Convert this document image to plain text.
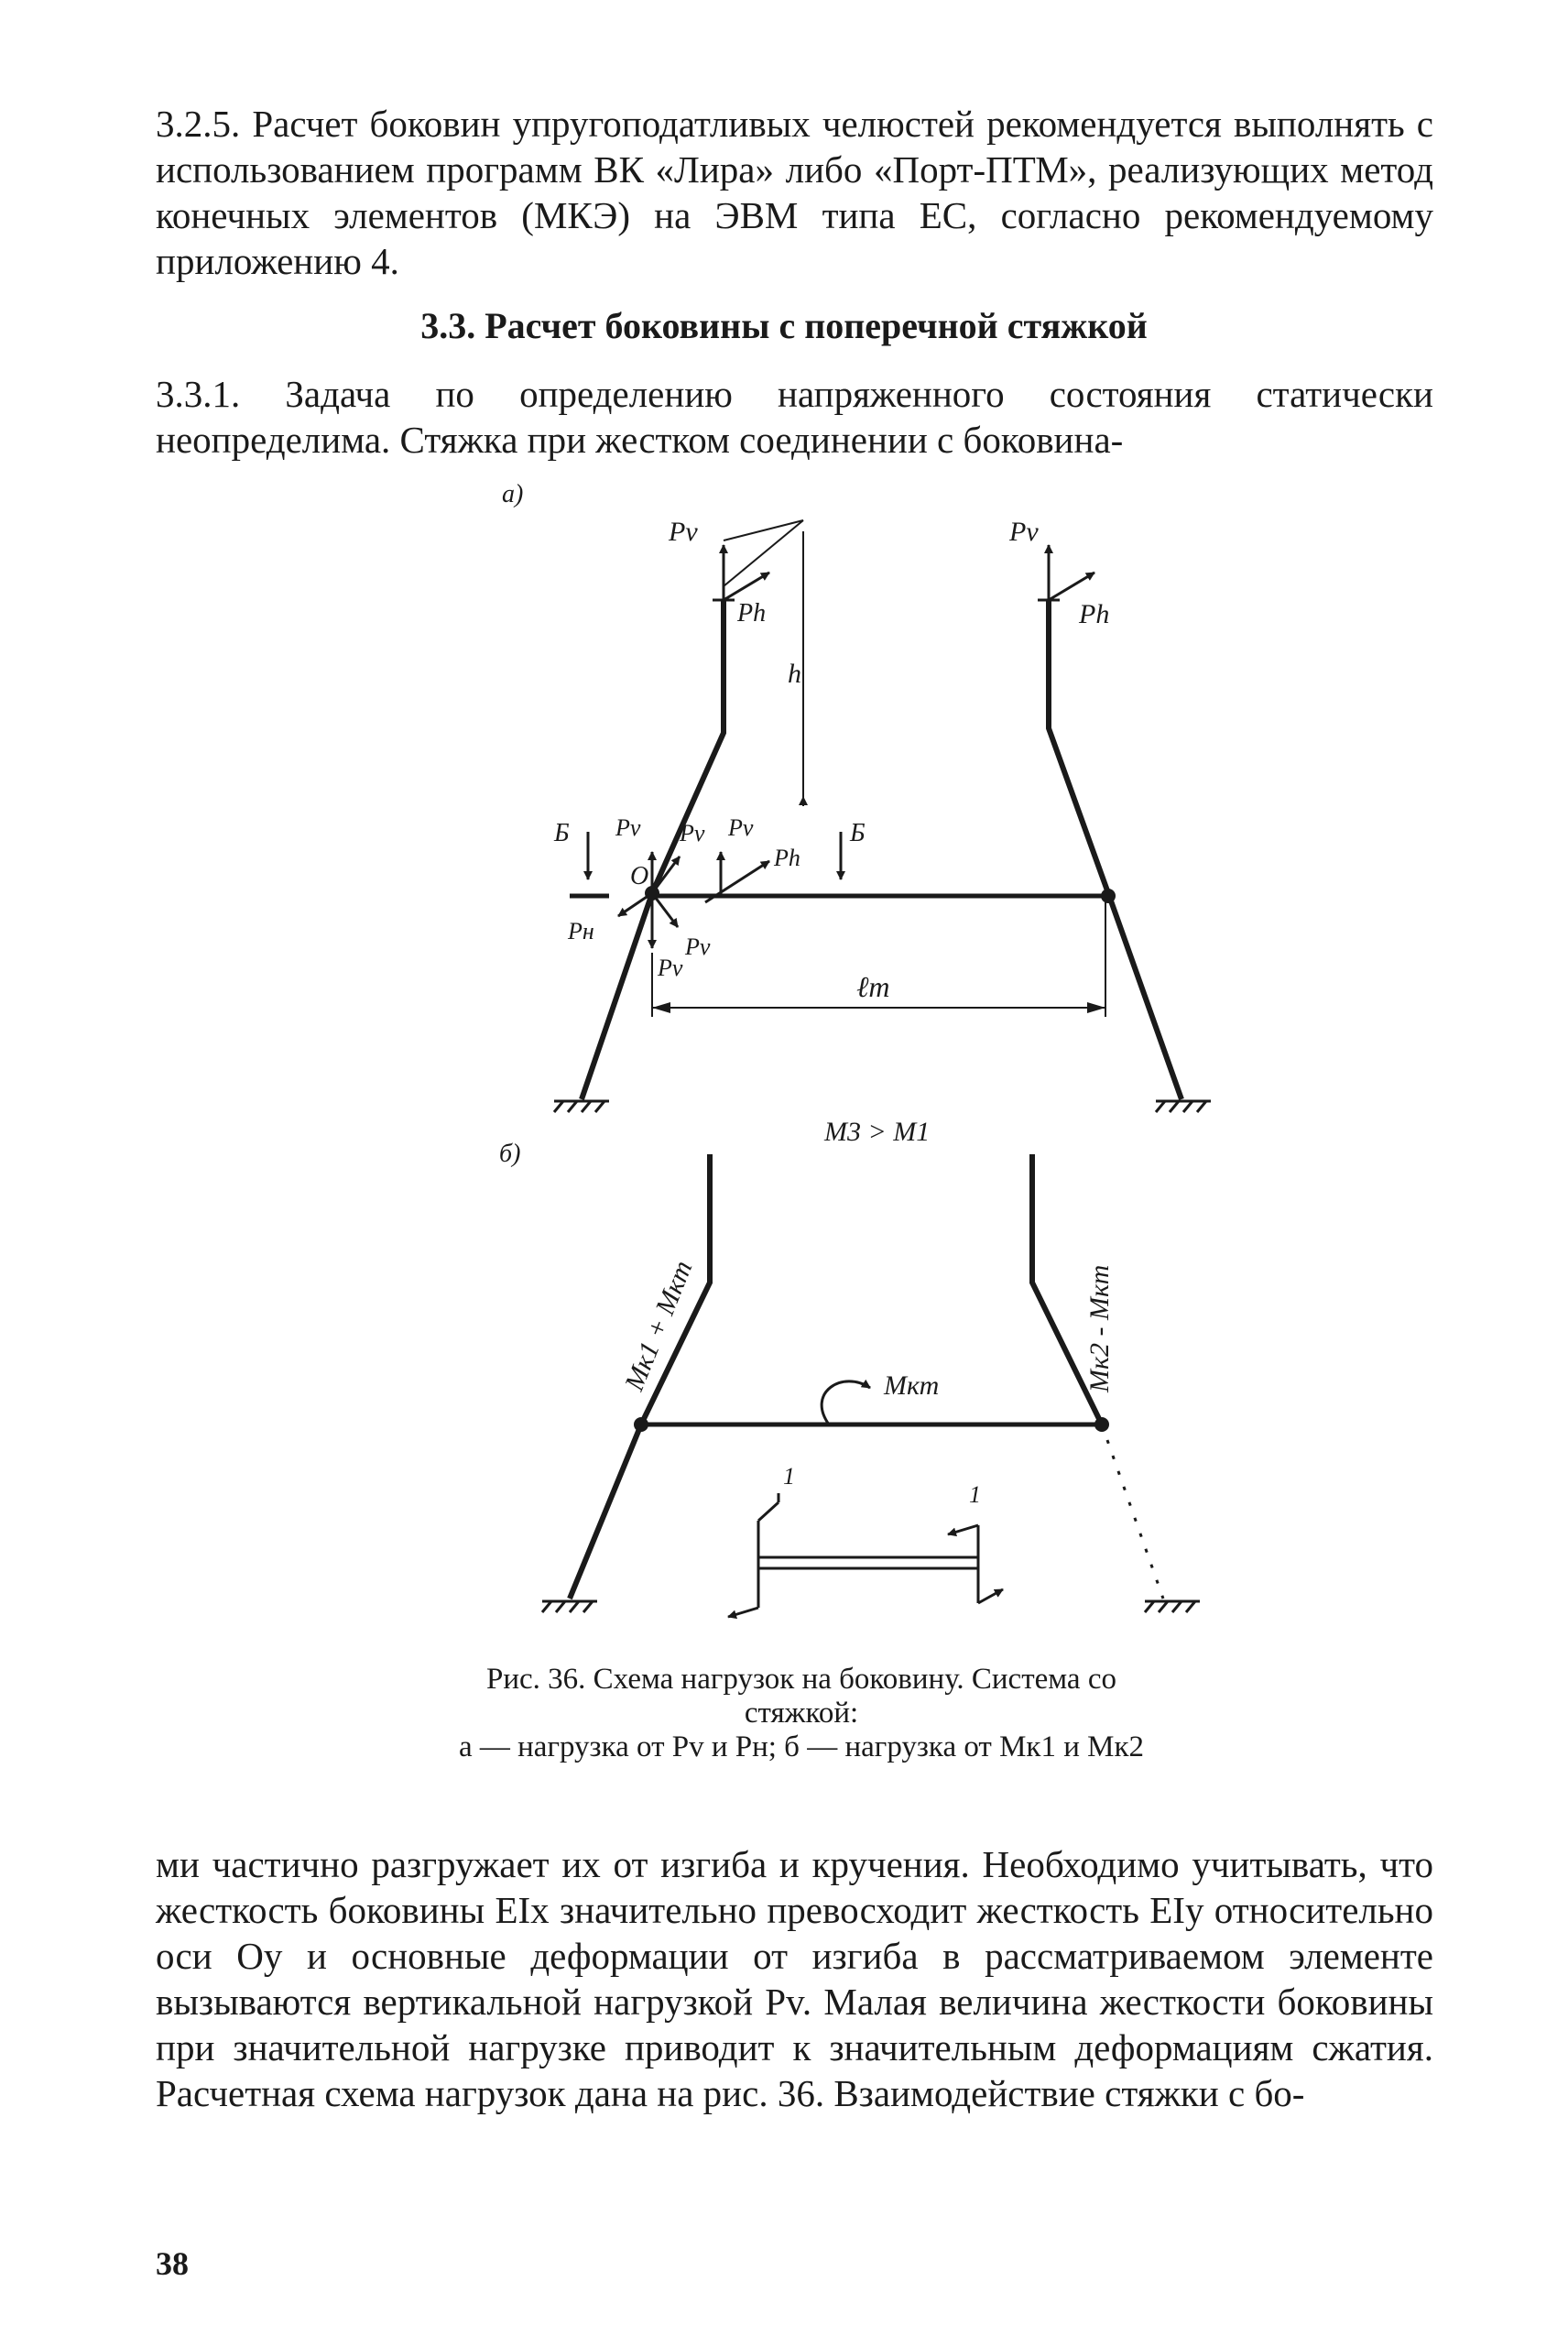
3.2.5. Расчет боковин упругоподатливых челюстей рекомендуется выполнять с использованием программ ВК «Лира» либо «Порт-ПТМ», реализующих метод конечных элементов (МКЭ) на ЭВМ типа ЕС, согласно рекомендуемому приложению 4.

3.3. Расчет боковины с поперечной стяжкой

3.3.1. Задача по определению напряженного состояния статически неопределима. Стяжка при жестком соединении с боковина-

а)
Pv
Ph
Pv
Ph
h
Б	Б
Pv Pv Pv
O
Ph
Pн
Pv
Pv
ℓm
M3 > M1
б)
Mк1 + Mкт	Mк2 - Mкт
Mкт
1
1
Рис. 36. Схема нагрузок на боковину. Система со стяжкой:
а — нагрузка от Pv и Pн; б — нагрузка от Mк1 и Mк2

ми частично разгружает их от изгиба и кручения. Необходимо учитывать, что жесткость боковины EIx значительно превосходит жесткость EIy относительно оси Oy и основные деформации от изгиба в рассматриваемом элементе вызываются вертикальной нагрузкой Pv. Малая величина жесткости боковины при значительной нагрузке приводит к значительным деформациям сжатия. Расчетная схема нагрузок дана на рис. 36. Взаимодействие стяжки с бо-

38
